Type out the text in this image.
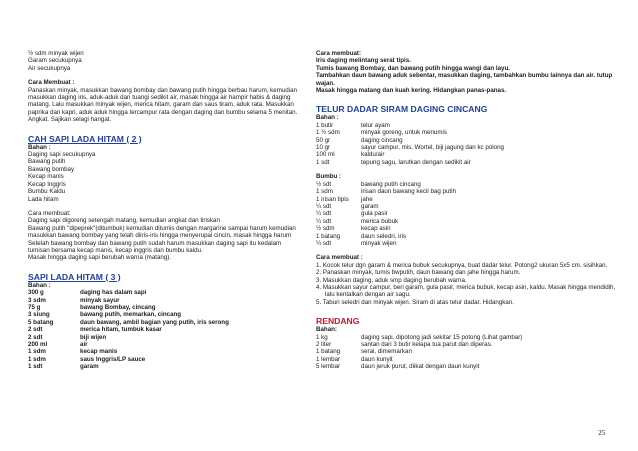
½ sdm minyak wijen
Garam secukupnya
Air secukupnya
Cara Membuat :
Panaskan minyak, masukkan bawang bombay dan bawang putih hingga berbau harum, kemudian masukkan daging iris, aduk-aduk dan tuangi sedikit air, masak hingga air hampir habis & daging matang. Lalu masukkan minyak wijen, merica hitam, garam dan saus tiram, aduk rata. Masukkan paprika dan kapri, aduk aduk hingga tercampur rata dengan daging dan bumbu selama 5 menitan. Angkat. Sajikan selagi hangat.
CAH SAPI LADA HITAM ( 2 )
Bahan :
Daging sapi secukupnya
Bawang putih
Bawang bombay
Kecap manis
Kecap Inggris
Bumbu Kaldu
Lada hitam
Cara membuat:
Daging sapi digoreng setengah matang, kemudian angkat dan tiriskan
Bawang putih "dipeprek"(ditumbuk) kemudian ditumis dengan margarine sampai harum kemudian masukkan bawang bombay yang telah diiris-iris hingga menyerupai cincin, masak hingga harum
Setelah bawang bombay dan bawang putih sudah harum masukkan daging sapi itu kedalam tumisan bersama kecap manis, kecap inggris dan bumbu kaldu.
Masak hingga daging sapi berubah warna (matang).
SAPI LADA HITAM ( 3 )
Bahan :
300 g	daging has dalam sapi
3 sdm	minyak sayur
75 g	bawang Bombay, cincang
3 siung	bawang putih, memarkan, cincang
5 batang	daun bawang, ambil bagian yang putih, iris serong
2 sdt	merica hitam, tumbuk kasar
2 sdt	biji wijen
200 ml	air
1 sdm	kecap manis
1 sdm	saus Inggris/LP sauce
1 sdt	garam
Cara membuat:
Iris daging melintang serat tipis.
Tumis bawang Bombay, dan bawang putih hingga wangi dan layu.
Tambahkan daun bawang aduk sebentar, masukkan daging, tambahkan bumbu lainnya dan air. tutup wajan.
Masak hingga matang dan kuah kering. Hidangkan panas-panas.
TELUR DADAR SIRAM DAGING CINCANG
Bahan :
1 butir	telur ayam
1 ½ sdm	minyak goreng, untuk menumis
50 gr	daging cincang
10 gr	sayur campur, mis. Wortel, biji jagung dan kc polong
100 ml	kaldu/air
1 sdt	tepung sagu, larutkan dengan sedikit air
Bumbu :
½ sdt	bawang putih cincang
1 sdm	irisan daun bawang kecil bag putih
1 irisan tipis	jahe
¼ sdt	garam
¼ sdt	gula pasir
¼ sdt	merica bubuk
½ sdm	kecap asin
1 batang	daun seledri, iris
¼ sdt	minyak wijen
Cara membuat :
1. Kocok telur dgn garam & merica bubuk secukupnya, buat dadar telur. Potong2 ukuran 5x5 cm. sisihkan.
2. Panaskan minyak, tumis bwputih, daun bawang dan jahe hingga harum.
3. Masukkan daging, aduk smp daging berubah warna.
4. Masukkan sayur campur, beri garam, gula pasir, merica bubuk, kecap asin, kaldu. Masak hingga mendidih, lalu kentalkan dengan air sagu.
5. Taburi seledri dan minyak wijen. Siram di atas telur dadar. Hidangkan.
RENDANG
Bahan:
1 kg	daging sapi, dipotong jadi sekitar 15 potong (Lihat gambar)
2 liter	santan dari 3 butir kelapa tua parut dan diperas.
1 batang	serai, dimemarkan
1 lembar	daun kunyit
5 lembar	daun jeruk purut, diikat dengan daun kunyit
25
